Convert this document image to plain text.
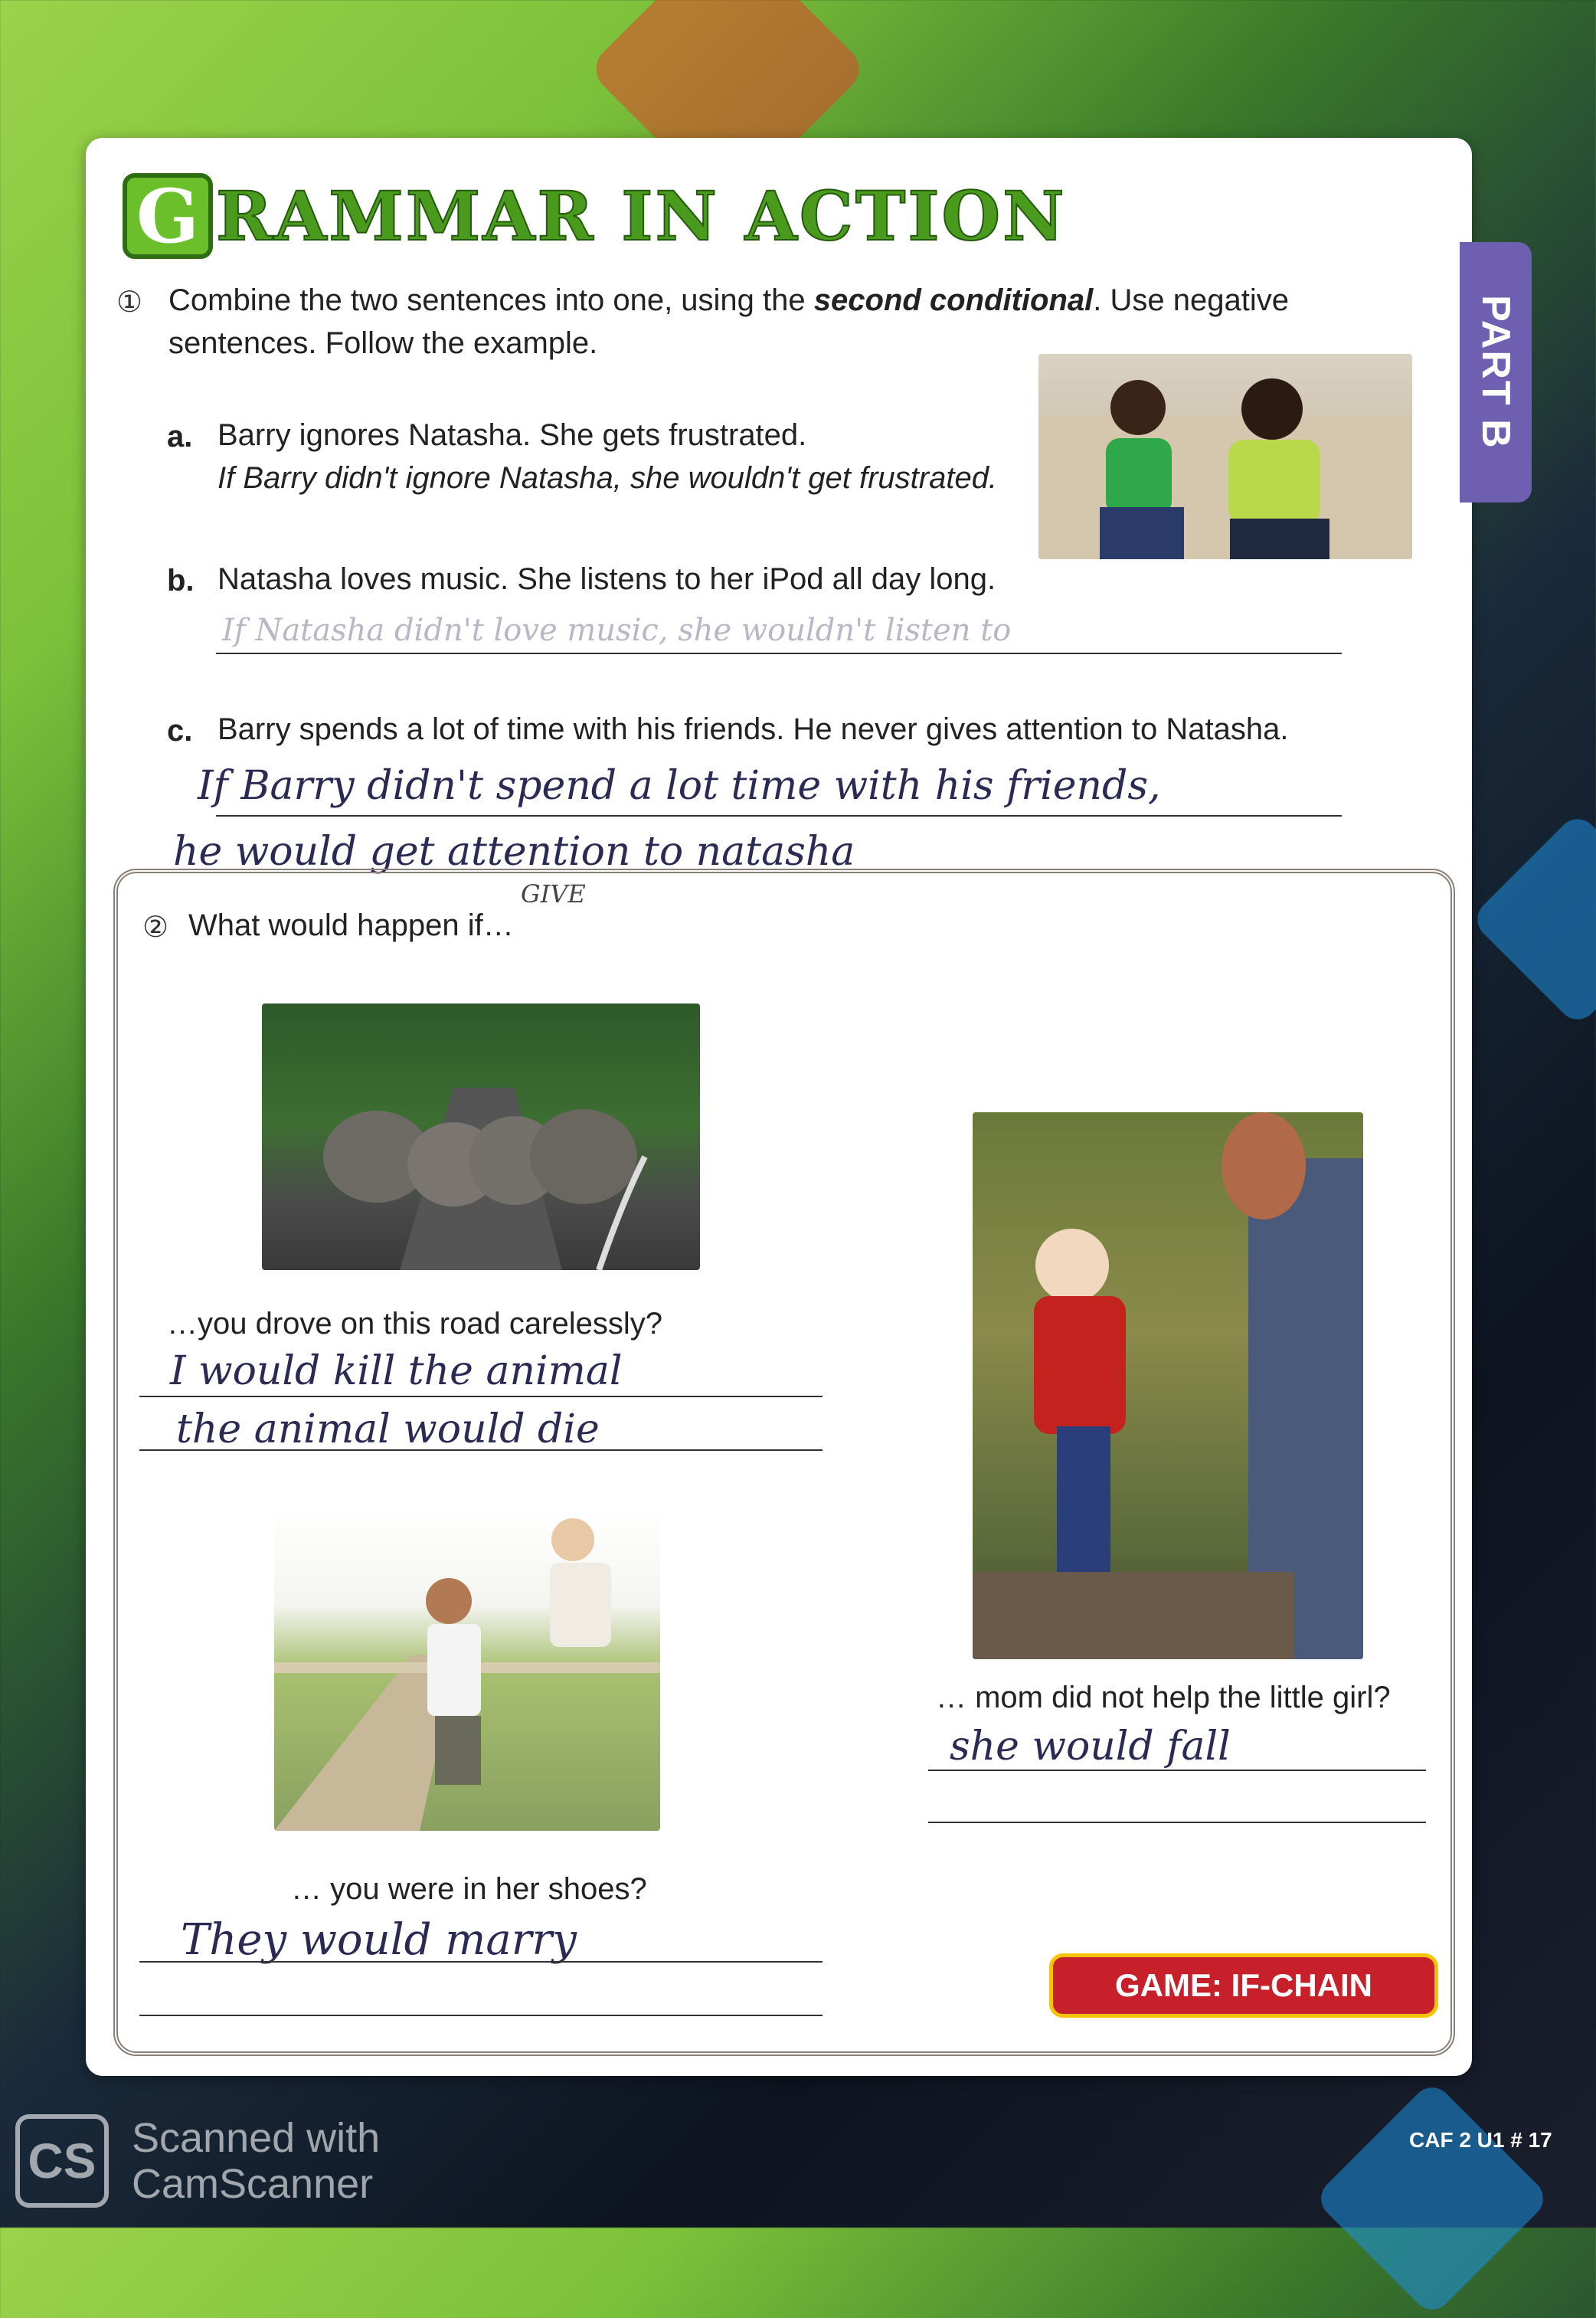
PART B
G RAMMAR IN ACTION
① Combine the two sentences into one, using the second conditional. Use negative
sentences. Follow the example.
a. Barry ignores Natasha. She gets frustrated.
If Barry didn't ignore Natasha, she wouldn't get frustrated.
b. Natasha loves music. She listens to her iPod all day long.
If Natasha didn't love music, she wouldn't listen to
c. Barry spends a lot of time with his friends. He never gives attention to Natasha.
If Barry didn't spend a lot time with his friends,
he would get attention to natasha
GIVE
② What would happen if…
…you drove on this road carelessly?
I would kill the animal
the animal would die
… mom did not help the little girl?
she would fall
… you were in her shoes?
They would marry
GAME: IF-CHAIN
CAF 2 U1 # 17
CS Scanned with
CamScanner
